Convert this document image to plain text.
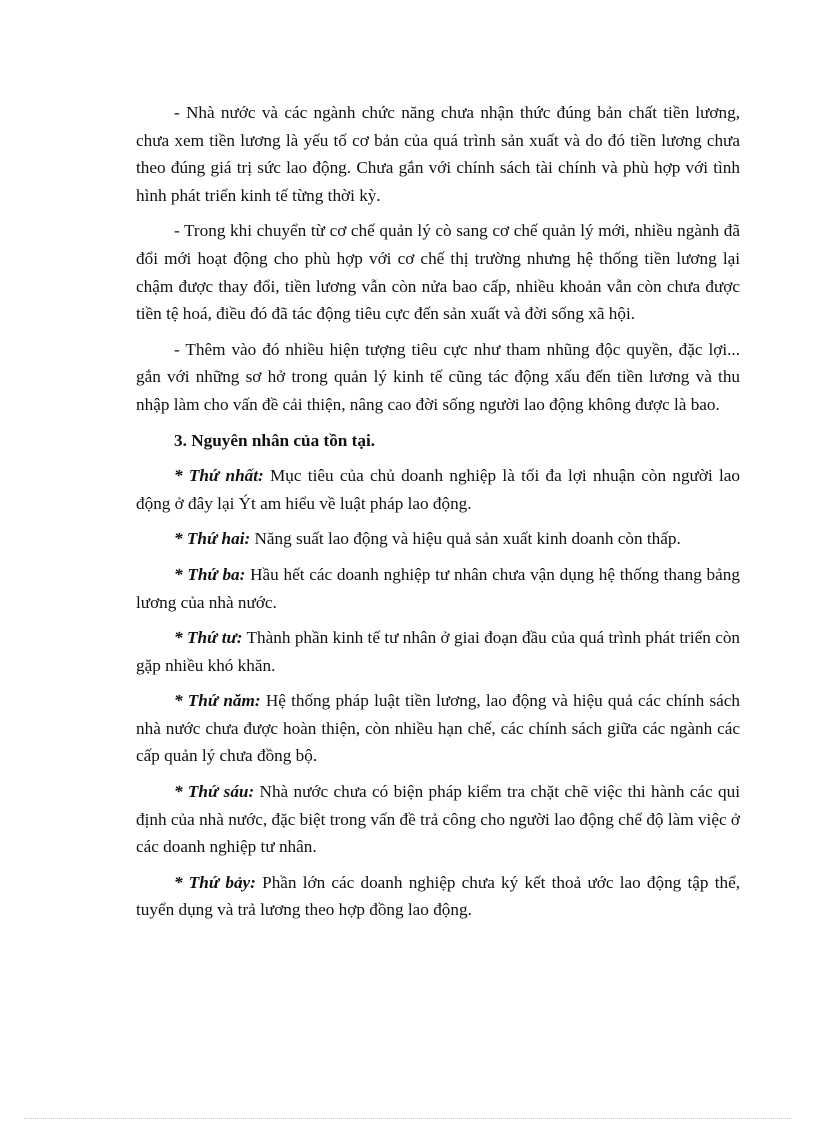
- Nhà nước và các ngành chức năng chưa nhận thức đúng bản chất tiền lương, chưa xem tiền lương là yếu tố cơ bản của quá trình sản xuất và do đó tiền lương chưa theo đúng giá trị sức lao động. Chưa gắn với chính sách tài chính và phù hợp với tình hình phát triển kinh tế từng thời kỳ.

- Trong khi chuyển từ cơ chế quản lý cò sang cơ chế quản lý mới, nhiều ngành đã đổi mới hoạt động cho phù hợp với cơ chế thị trường nhưng hệ thống tiền lương lại chậm được thay đổi, tiền lương vẫn còn nửa bao cấp, nhiều khoản vẫn còn chưa được tiền tệ hoá, điều đó đã tác động tiêu cực đến sản xuất và đời sống xã hội.

- Thêm vào đó nhiều hiện tượng tiêu cực như tham nhũng độc quyền, đặc lợi... gắn với những sơ hở trong quản lý kinh tế cũng tác động xấu đến tiền lương và thu nhập làm cho vấn đề cải thiện, nâng cao đời sống người lao động không được là bao.

3. Nguyên nhân của tồn tại.

* Thứ nhất: Mục tiêu của chủ doanh nghiệp là tối đa lợi nhuận còn người lao động ở đây lại Ýt am hiểu về luật pháp lao động.

* Thứ hai: Năng suất lao động và hiệu quả sản xuất kinh doanh còn thấp.

* Thứ ba: Hầu hết các doanh nghiệp tư nhân chưa vận dụng hệ thống thang bảng lương của nhà nước.

* Thứ tư: Thành phần kinh tế tư nhân ở giai đoạn đầu của quá trình phát triển còn gặp nhiều khó khăn.

* Thứ năm: Hệ thống pháp luật tiền lương, lao động và hiệu quả các chính sách nhà nước chưa được hoàn thiện, còn nhiều hạn chế, các chính sách giữa các ngành các cấp quản lý chưa đồng bộ.

* Thứ sáu: Nhà nước chưa có biện pháp kiểm tra chặt chẽ việc thi hành các qui định của nhà nước, đặc biệt trong vấn đề trả công cho người lao động chế độ làm việc ở các doanh nghiệp tư nhân.

* Thứ bảy: Phần lớn các doanh nghiệp chưa ký kết thoả ước lao động tập thể, tuyển dụng và trả lương theo hợp đồng lao động.
